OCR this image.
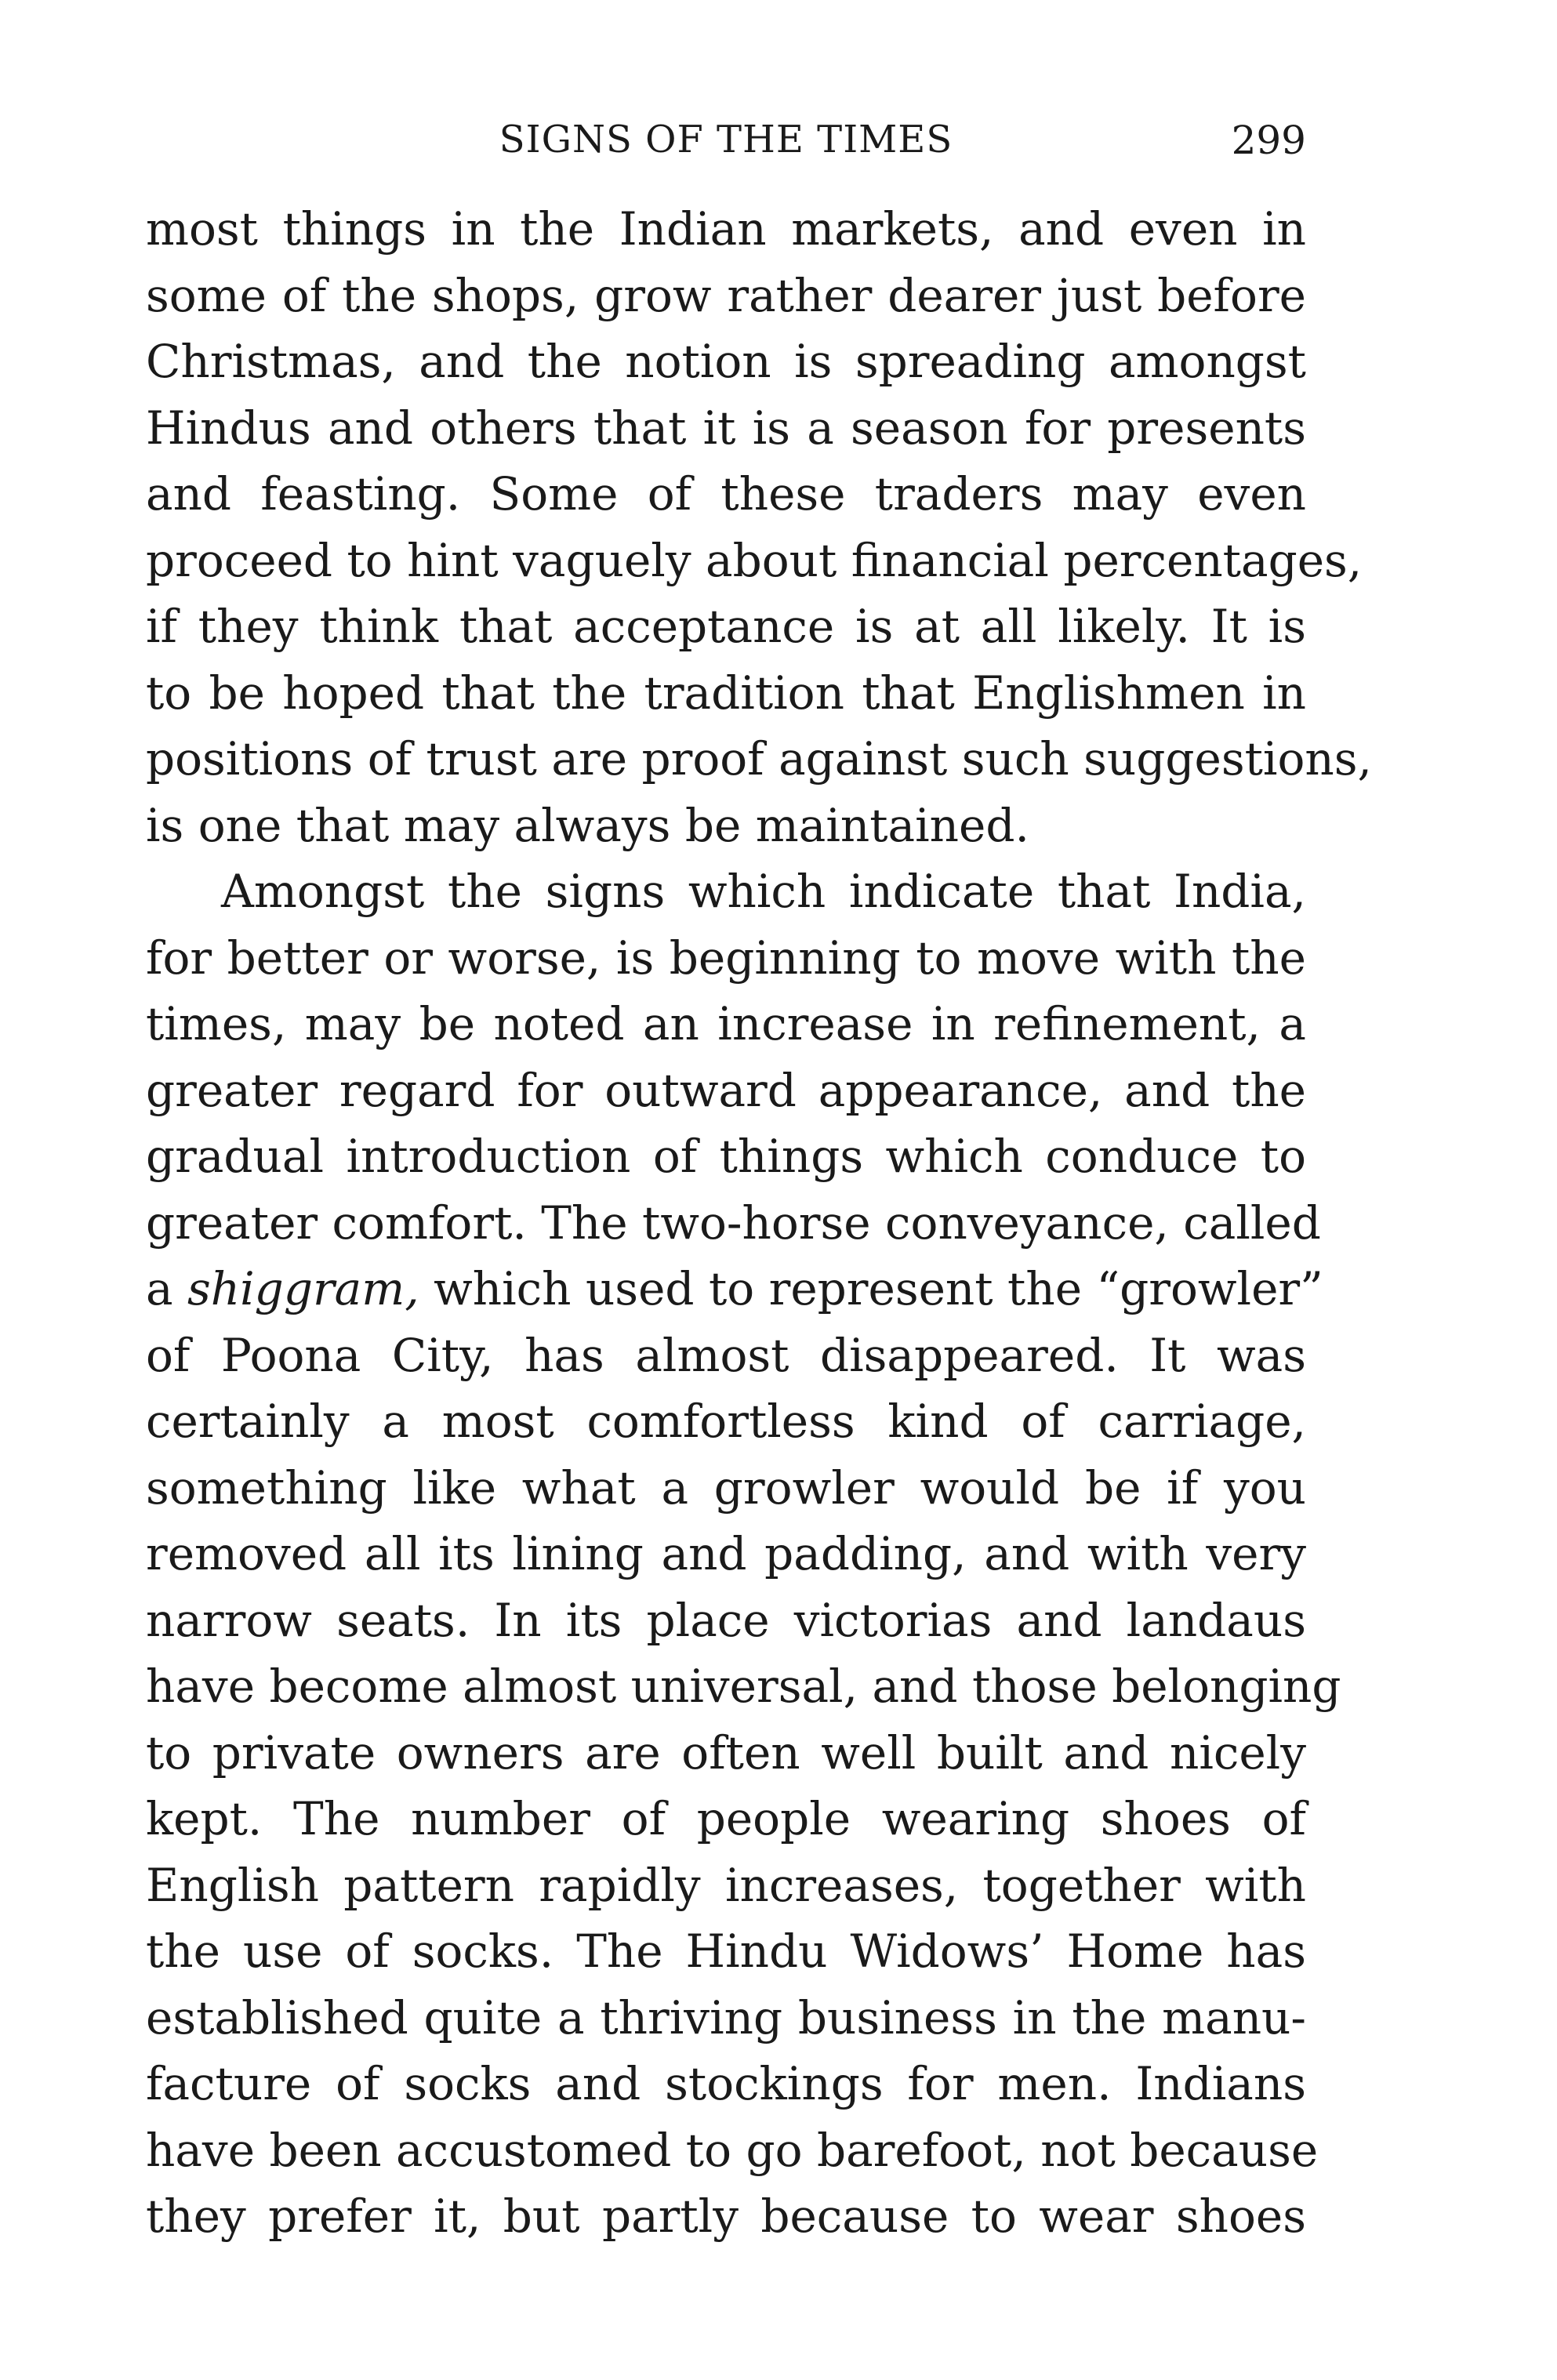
SIGNS OF THE TIMES	299
most things in the Indian markets, and even in
some of the shops, grow rather dearer just before
Christmas, and the notion is spreading amongst
Hindus and others that it is a season for presents
and feasting. Some of these traders may even
proceed to hint vaguely about financial percentages,
if they think that acceptance is at all likely. It is
to be hoped that the tradition that Englishmen in
positions of trust are proof against such suggestions,
is one that may always be maintained.
Amongst the signs which indicate that India,
for better or worse, is beginning to move with the
times, may be noted an increase in refinement, a
greater regard for outward appearance, and the
gradual introduction of things which conduce to
greater comfort. The two-horse conveyance, called
a shiggram, which used to represent the “growler”
of Poona City, has almost disappeared. It was
certainly a most comfortless kind of carriage,
something like what a growler would be if you
removed all its lining and padding, and with very
narrow seats. In its place victorias and landaus
have become almost universal, and those belonging
to private owners are often well built and nicely
kept. The number of people wearing shoes of
English pattern rapidly increases, together with
the use of socks. The Hindu Widows’ Home has
established quite a thriving business in the manu-
facture of socks and stockings for men. Indians
have been accustomed to go barefoot, not because
they prefer it, but partly because to wear shoes
